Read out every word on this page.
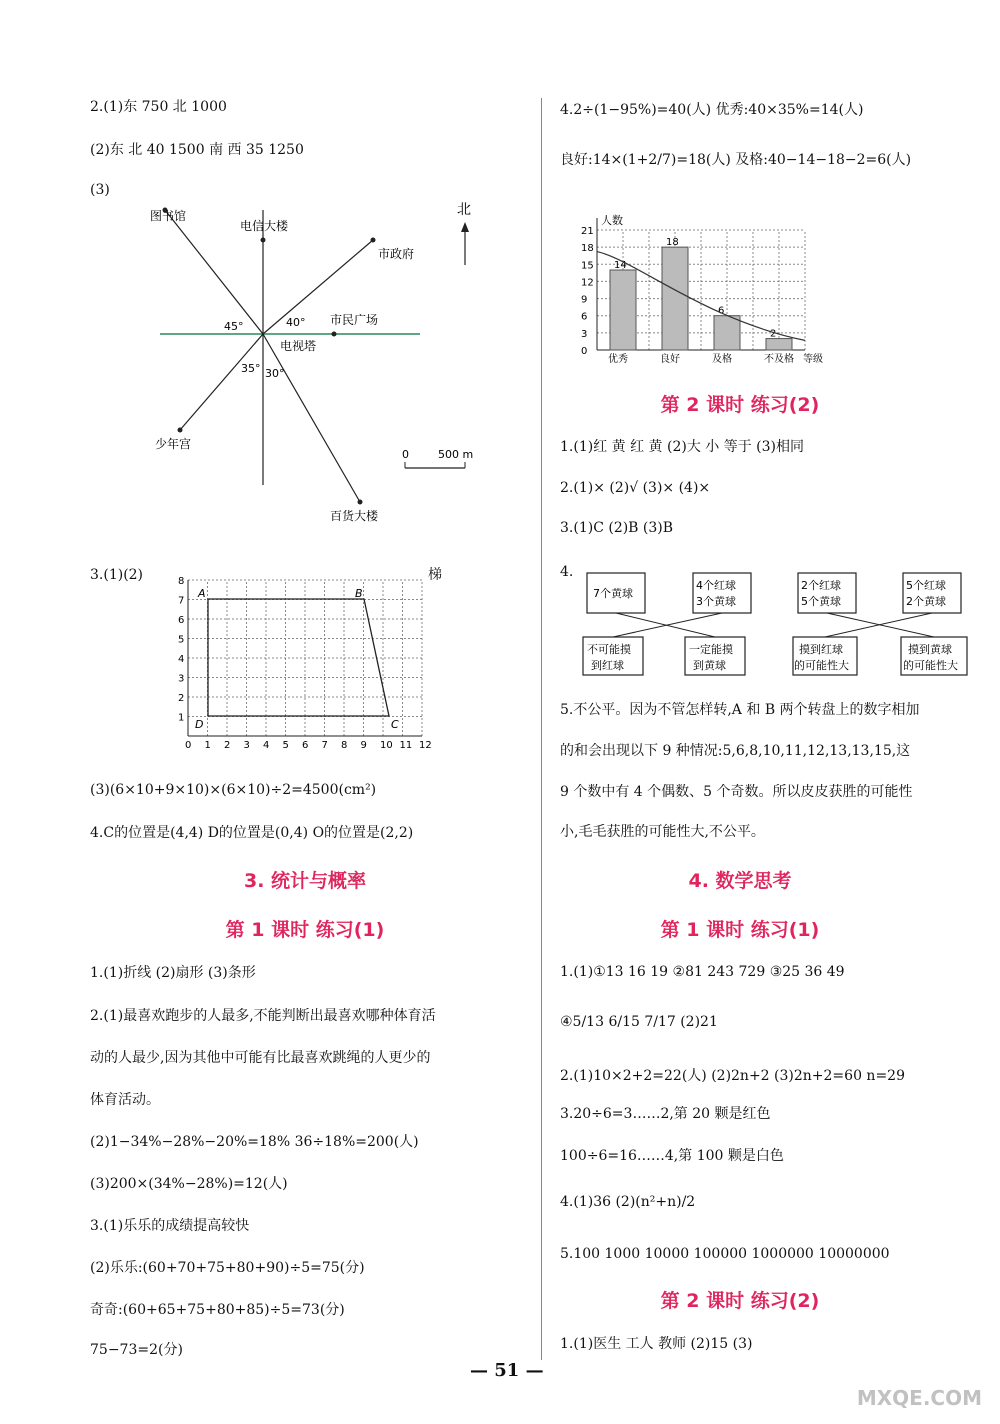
2.(1)东 750 北 1000
(2)东 北 40 1500 南 西 35 1250
(3)
北
图书馆
电信大楼
市政府
市民广场
电视塔
少年宫
百货大楼
45°	40°
35° 30°
0	500 m
3.(1)(2)	梯
0 1 2 3 4 5 6 7 8 9 10 11 12
1
2
3
4
5
6
7
8
A	B
C
D
(3)(6×10+9×10)×(6×10)÷2=4500(cm²)
4.C的位置是(4,4) D的位置是(0,4) O的位置是(2,2)
3. 统计与概率
第 1 课时 练习(1)
1.(1)折线 (2)扇形 (3)条形
2.(1)最喜欢跑步的人最多,不能判断出最喜欢哪种体育活
动的人最少,因为其他中可能有比最喜欢跳绳的人更少的
体育活动。
(2)1−34%−28%−20%=18% 36÷18%=200(人)
(3)200×(34%−28%)=12(人)
3.(1)乐乐的成绩提高较快
(2)乐乐:(60+70+75+80+90)÷5=75(分)
奇奇:(60+65+75+80+85)÷5=73(分)
75−73=2(分)
4.2÷(1−95%)=40(人) 优秀:40×35%=14(人)
良好:14×(1+2/7)=18(人) 及格:40−14−18−2=6(人)
0
3
6
9
12
15
18
21
人数
14
优秀
18
良好
6
及格
2
不及格 等级
第 2 课时 练习(2)
1.(1)红 黄 红 黄 (2)大 小 等于 (3)相同
2.(1)× (2)√ (3)× (4)×
3.(1)C (2)B (3)B
4.
7个黄球
4个红球
3个黄球
2个红球
5个黄球
5个红球
2个黄球
不可能摸
到红球
一定能摸
到黄球
摸到红球
的可能性大
摸到黄球
的可能性大
5.不公平。因为不管怎样转,A 和 B 两个转盘上的数字相加
的和会出现以下 9 种情况:5,6,8,10,11,12,13,13,15,这
9 个数中有 4 个偶数、5 个奇数。所以皮皮获胜的可能性
小,毛毛获胜的可能性大,不公平。
4. 数学思考
第 1 课时 练习(1)
1.(1)①13 16 19 ②81 243 729 ③25 36 49
④5/13 6/15 7/17 (2)21
2.(1)10×2+2=22(人) (2)2n+2 (3)2n+2=60 n=29
3.20÷6=3……2,第 20 颗是红色
100÷6=16……4,第 100 颗是白色
4.(1)36 (2)(n²+n)/2
5.100 1000 10000 100000 1000000 10000000
第 2 课时 练习(2)
1.(1)医生 工人 教师 (2)15 (3)
— 51 —
MXQE.COM
